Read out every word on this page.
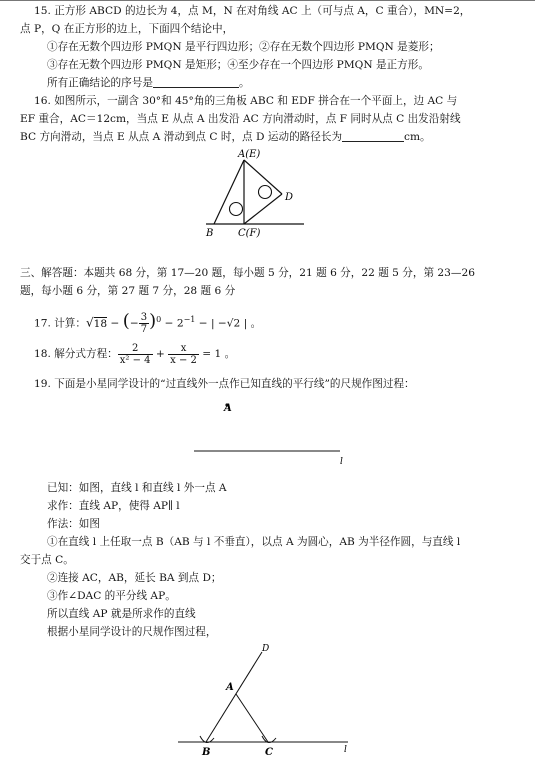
15. 正方形 ABCD 的边长为 4，点 M，N 在对角线 AC 上（可与点 A，C 重合），MN=2，
点 P，Q 在正方形的边上，下面四个结论中，
①存在无数个四边形 PMQN 是平行四边形；②存在无数个四边形 PMQN 是菱形；
③存在无数个四边形 PMQN 是矩形；④至少存在一个四边形 PMQN 是正方形。
所有正确结论的序号是	。
16. 如图所示，一副含 30°和 45°角的三角板 ABC 和 EDF 拼合在一个平面上，边 AC 与
EF 重合，AC＝12cm，当点 E 从点 A 出发沿 AC 方向滑动时，点 F 同时从点 C 出发沿射线
BC 方向滑动，当点 E 从点 A 滑动到点 C 时，点 D 运动的路径长为	cm。
A(E)
D
B C(F)
三、解答题：本题共 68 分，第 17—20 题，每小题 5 分，21 题 6 分，22 题 5 分，第 23—26
题，每小题 6 分，第 27 题 7 分，28 题 6 分
17. 计算：√18 − (− $\frac{3}{7} )^0 - 2^{-1}$ − | −√2 | 。
18. 解分式方程： $\frac{2}{\text{x² − 4}} + \frac{x}{x - 2} = 1$ 。
19. 下面是小星同学设计的“过直线外一点作已知直线的平行线”的尺规作图过程：
A
l
已知：如图，直线 l 和直线 l 外一点 A
求作：直线 AP，使得 AP∥ l
作法：如图
①在直线 l 上任取一点 B（AB 与 l 不垂直），以点 A 为圆心，AB 为半径作圆，与直线 l
交于点 C。
②连接 AC，AB，延长 BA 到点 D；
③作∠DAC 的平分线 AP。
所以直线 AP 就是所求作的直线
根据小星同学设计的尺规作图过程，
D
A
B	C	l
